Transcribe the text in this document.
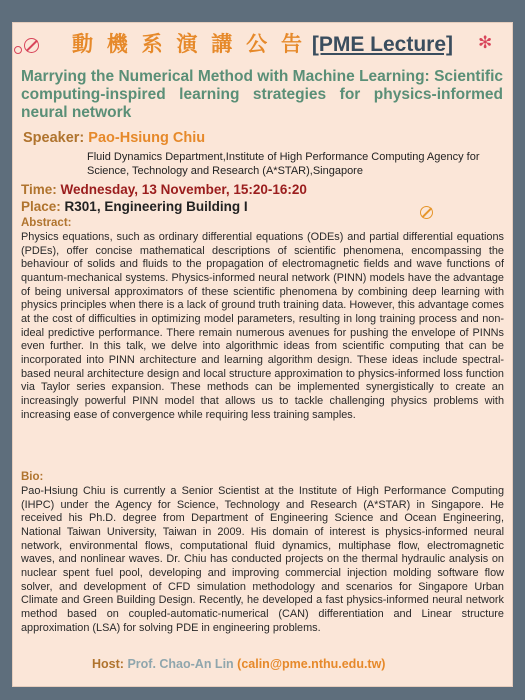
✻
動 機 系 演 講 公 告 [PME Lecture]
Marrying the Numerical Method with Machine Learning: Scientific computing-inspired learning strategies for physics-informed neural network
Speaker: Pao-Hsiung Chiu
Fluid Dynamics Department,Institute of High Performance Computing Agency for Science, Technology and Research (A*STAR),Singapore
Time: Wednesday, 13 November, 15:20-16:20
Place: R301, Engineering Building I
Abstract:
Physics equations, such as ordinary differential equations (ODEs) and partial differential equations (PDEs), offer concise mathematical descriptions of scientific phenomena, encompassing the behaviour of solids and fluids to the propagation of electromagnetic fields and wave functions of quantum-mechanical systems. Physics-informed neural network (PINN) models have the advantage of being universal approximators of these scientific phenomena by combining deep learning with physics principles when there is a lack of ground truth training data. However, this advantage comes at the cost of difficulties in optimizing model parameters, resulting in long training process and non-ideal predictive performance. There remain numerous avenues for pushing the envelope of PINNs even further. In this talk, we delve into algorithmic ideas from scientific computing that can be incorporated into PINN architecture and learning algorithm design. These ideas include spectral-based neural architecture design and local structure approximation to physics-informed loss function via Taylor series expansion. These methods can be implemented synergistically to create an increasingly powerful PINN model that allows us to tackle challenging physics problems with increasing ease of convergence while requiring less training samples.
Bio:
Pao-Hsiung Chiu is currently a Senior Scientist at the Institute of High Performance Computing (IHPC) under the Agency for Science, Technology and Research (A*STAR) in Singapore. He received his Ph.D. degree from Department of Engineering Science and Ocean Engineering, National Taiwan University, Taiwan in 2009. His domain of interest is physics-informed neural network, environmental flows, computational fluid dynamics, multiphase flow, electromagnetic waves, and nonlinear waves. Dr. Chiu has conducted projects on the thermal hydraulic analysis on nuclear spent fuel pool, developing and improving commercial injection molding software flow solver, and development of CFD simulation methodology and scenarios for Singapore Urban Climate and Green Building Design. Recently, he developed a fast physics-informed neural network method based on coupled-automatic-numerical (CAN) differentiation and Linear structure approximation (LSA) for solving PDE in engineering problems.
Host: Prof. Chao-An Lin (calin@pme.nthu.edu.tw)
